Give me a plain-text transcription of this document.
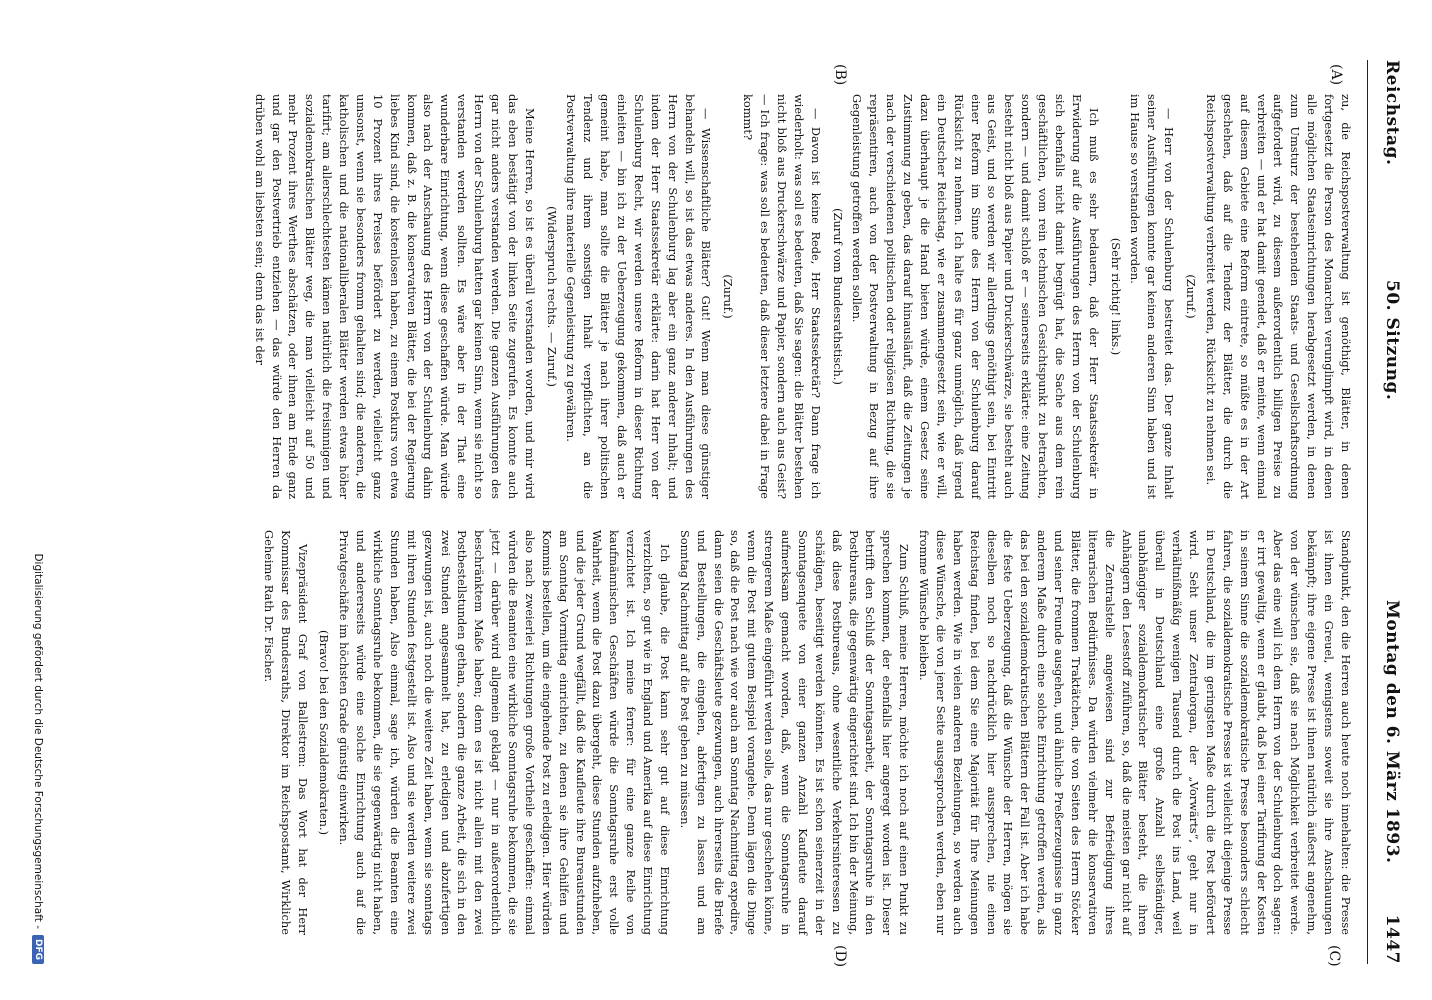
Reichstag.
50. Sitzung.
Montag den 6. März 1893.
1447
(A)
(B)
(C)
(D)

zu, die Reichspostverwaltung ist genöthigt, Blätter, in denen fortgesetzt die Person des Monarchen verunglimpft wird, in denen alle möglichen Staatseinrichtungen herabgesetzt werden, in denen zum Umsturz der bestehenden Staats- und Gesellschaftsordnung aufgefordert wird, zu diesem außerordentlich billigen Preise zu verbreiten — und er hat damit geendet, daß er meinte, wenn einmal auf diesem Gebiete eine Reform eintrete, so müßte es in der Art geschehen, daß auf die Tendenz der Blätter, die durch die Reichspostverwaltung verbreitet werden, Rücksicht zu nehmen sei.

(Zuruf.)

— Herr von der Schulenburg bestreitet das. Der ganze Inhalt seiner Ausführungen konnte gar keinen anderen Sinn haben und ist im Hause so verstanden worden.

(Sehr richtig! links.)

Ich muß es sehr bedauern, daß der Herr Staatssekretär in Erwiderung auf die Ausführungen des Herrn von der Schulenburg sich ebenfalls nicht damit begnügt hat, die Sache aus dem rein geschäftlichen, vom rein technischen Gesichtspunkt zu betrachten, sondern — und damit schloß er — seinerseits erklärte: eine Zeitung besteht nicht bloß aus Papier und Druckerschwärze, sie besteht auch aus Geist, und so werden wir allerdings genöthigt sein, bei Eintritt einer Reform im Sinne des Herrn von der Schulenburg darauf Rücksicht zu nehmen. Ich halte es für ganz unmöglich, daß irgend ein Deutscher Reichstag, wie er zusammengesetzt sein, wie er will, dazu überhaupt je die Hand bieten würde, einem Gesetz seine Zustimmung zu geben, das darauf hinausläuft, daß die Zeitungen je nach der verschiedenen politischen oder religiösen Richtung, die sie repräsentiren, auch von der Postverwaltung in Bezug auf ihre Gegenleistung getroffen werden sollen.

(Zuruf vom Bundesrathstisch.)

— Davon ist keine Rede, Herr Staatssekretär? Dann frage ich wiederholt: was soll es bedeuten, daß Sie sagen: die Blätter bestehen nicht bloß aus Druckerschwärze und Papier, sondern auch aus Geist? — Ich frage: was soll es bedeuten, daß dieser letztere dabei in Frage kommt?

(Zuruf.)

— Wissenschaftliche Blätter? Gut! Wenn man diese günstiger behandeln will, so ist das etwas anderes. In den Ausführungen des Herrn von der Schulenburg lag aber ein ganz anderer Inhalt; und indem der Herr Staatssekretär erklärte: darin hat Herr von der Schulenburg Recht, wir werden unsere Reform in dieser Richtung einleiten — bin ich zu der Ueberzeugung gekommen, daß auch er gemeint habe, man sollte die Blätter je nach ihrer politischen Tendenz und ihrem sonstigen Inhalt verpflichten, an die Postverwaltung ihre materielle Gegenleistung zu gewähren.

(Widerspruch rechts. — Zuruf.)

Meine Herren, so ist es überall verstanden worden, und mir wird das eben bestätigt von der linken Seite zugerufen. Es konnte auch gar nicht anders verstanden werden. Die ganzen Ausführungen des Herrn von der Schulenburg hatten gar keinen Sinn, wenn sie nicht so verstanden werden sollten. Es wäre aber in der That eine wunderbare Einrichtung, wenn diese geschaffen würde. Man würde also nach der Anschauung des Herrn von der Schulenburg dahin kommen, daß z. B. die konservativen Blätter, die bei der Regierung liebes Kind sind, die kostenlosen haben, zu einem Postkurs von etwa 10 Prozent ihres Preises befördert zu werden, vielleicht ganz umsonst, wenn sie besonders fromm gehalten sind; die anderen, die katholischen und die nationalliberalen Blätter werden etwas höher tarifirt; am allerschlechtesten kämen natürlich die freisinnigen und sozialdemokratischen Blätter weg, die man vielleicht auf 50 und mehr Prozent ihres Werthes abschätzen, oder ihnen am Ende ganz und gar den Postvertrieb entziehen — das würde den Herren da drüben wohl am liebsten sein; denn das ist der

Standpunkt, den die Herren auch heute noch innehalten: die Presse ist ihnen ein Greuel, wenigstens soweit sie ihre Anschauungen bekämpft; ihre eigene Presse ist ihnen natürlich äußerst angenehm, von der wünschen sie, daß sie nach Möglichkeit verbreitet werde. Aber das eine will ich dem Herrn von der Schulenburg doch sagen: er irrt gewaltig, wenn er glaubt, daß bei einer Tarifirung der Kosten in seinem Sinne die sozialdemokratische Presse besonders schlecht fahren, die sozialdemokratische Presse ist vielleicht diejenige Presse in Deutschland, die im geringsten Maße durch die Post befördert wird. Seht unser Zentralorgan, der „Vorwärts“, geht nur in verhältnißmäßig wenigen Tausend durch die Post ins Land, weil überall in Deutschland eine große Anzahl selbständiger, unabhängiger sozialdemokratischer Blätter besteht, die ihren Anhängern den Lesestoff zuführen, so, daß die meisten gar nicht auf die Zentralstelle angewiesen sind zur Befriedigung ihres literarischen Bedürfnisses. Da würden vielmehr die konservativen Blätter, die frommen Traktätchen, die von Seiten des Herrn Stöcker und seiner Freunde ausgehen, und ähnliche Preßerzeugnisse in ganz anderem Maße durch eine solche Einrichtung getroffen werden, als das bei den sozialdemokratischen Blättern der Fall ist. Aber ich habe die feste Ueberzeugung, daß die Wünsche der Herren, mögen sie dieselben noch so nachdrücklich hier aussprechen, nie einen Reichstag finden, bei dem Sie eine Majorität für Ihre Meinungen haben werden. Wie in vielen anderen Beziehungen, so werden auch diese Wünsche, die von jener Seite ausgesprochen werden, eben nur fromme Wünsche bleiben.

Zum Schluß, meine Herren, möchte ich noch auf einen Punkt zu sprechen kommen, der ebenfalls hier angeregt worden ist. Dieser betrifft den Schluß der Sonntagsarbeit, der Sonntagsruhe in den Postbureaus, die gegenwärtig eingerichtet sind. Ich bin der Meinung, daß diese Postbureaus, ohne wesentliche Verkehrsinteressen zu schädigen, beseitigt werden könnten. Es ist schon seinerzeit in der Sonntagsenquete von einer ganzen Anzahl Kaufleute darauf aufmerksam gemacht worden, daß, wenn die Sonntagsruhe in strengerem Maße eingeführt werden solle, das nur geschehen könne, wenn die Post mit gutem Beispiel vorangehe. Denn lägen die Dinge so, daß die Post nach wie vor auch am Sonntag Nachmittag expedire, dann seien die Geschäftsleute gezwungen, auch ihrerseits die Briefe und Bestellungen, die eingehen, abfertigen zu lassen und am Sonntag Nachmittag auf die Post geben zu müssen.

Ich glaube, die Post kann sehr gut auf diese Einrichtung verzichten, so gut wie in England und Amerika auf diese Einrichtung verzichtet ist. Ich meine ferner: für eine ganze Reihe von kaufmännischen Geschäften würde die Sonntagsruhe erst volle Wahrheit, wenn die Post dazu übergeht, diese Stunden aufzuheben, und die jeder Grund wegfällt, daß die Kaufleute ihre Bureaustunden am Sonntag Vormittag einrichten, zu denen sie ihre Gehilfen und Kommis bestellen, um die eingehende Post zu erledigen. Hier würden also nach zweierlei Richtungen große Vortheile geschaffen: einmal würden die Beamten eine wirkliche Sonntagsruhe bekommen, die sie jetzt — darüber wird allgemein geklagt — nur in außerordentlich beschränktem Maße haben; denn es ist nicht allein mit den zwei Postbestellstunden gethan, sondern die ganze Arbeit, die sich in den zwei Stunden angesammelt hat, zu erledigen und abzufertigen gezwungen ist, auch noch die weitere Zeit haben, wenn sie sonntags mit ihren Stunden festgestellt ist. Also und sie werden weitere zwei Stunden haben, Also einmal, sage ich, würden die Beamten eine wirkliche Sonntagsruhe bekommen, die sie gegenwärtig nicht haben, und andererseits würde eine solche Einrichtung auch auf die Privatgeschäfte im höchsten Grade günstig einwirken.

(Bravo! bei den Sozialdemokraten.)

Vizepräsident Graf von Ballestrem: Das Wort hat der Herr Kommissar des Bundesraths, Direktor im Reichspostamt, Wirkliche Geheime Rath Dr. Fischer.

Digitalisierung gefördert durch die Deutsche Forschungsgemeinschaft -DFG
